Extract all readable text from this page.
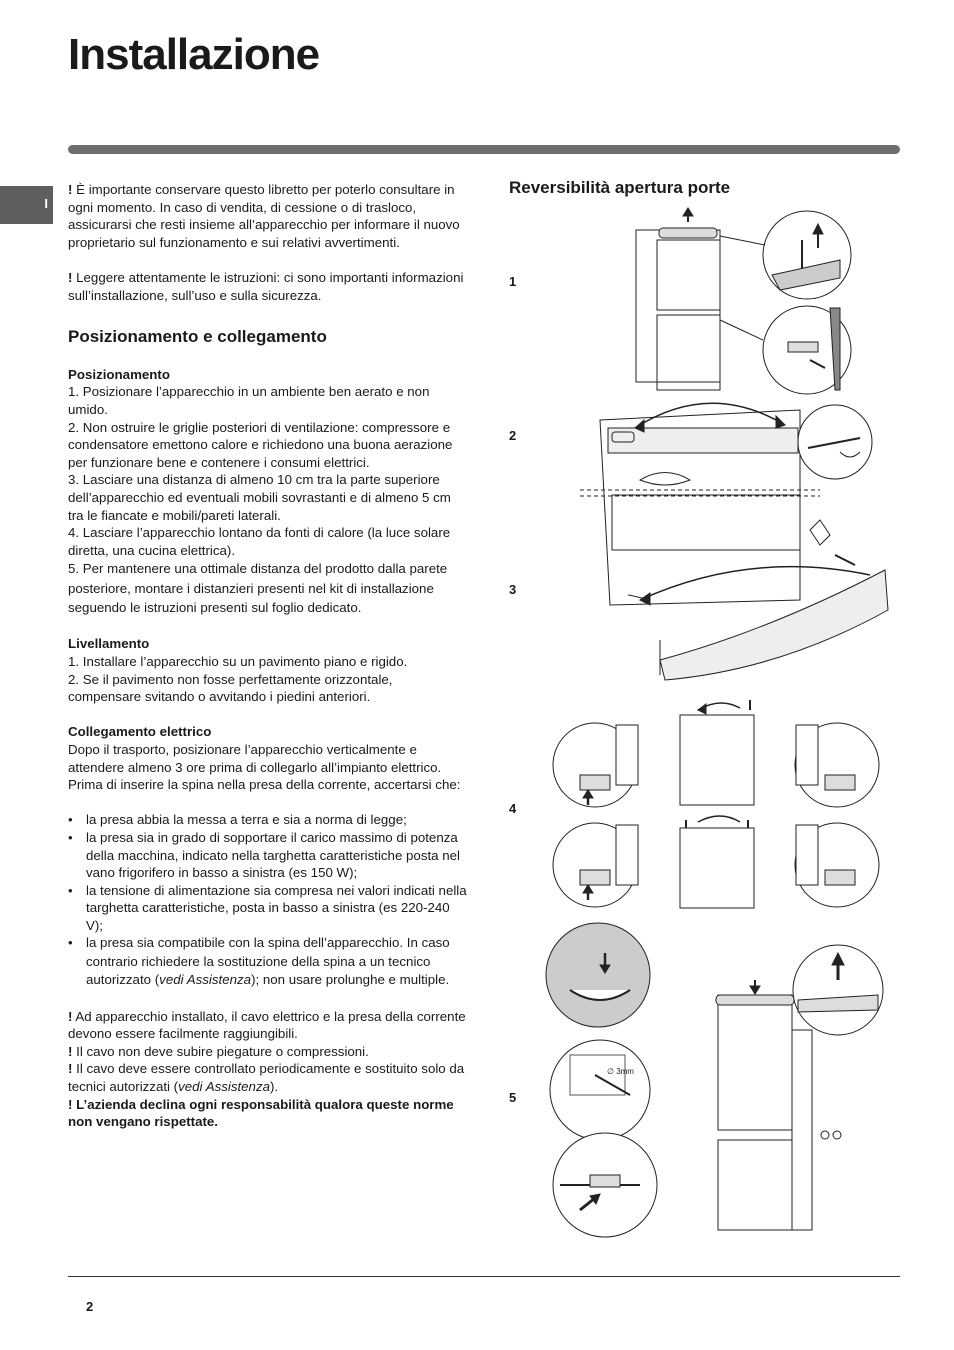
Installazione
I

! È importante conservare questo libretto per poterlo consultare in ogni momento. In caso di vendita, di cessione o di trasloco, assicurarsi che resti insieme all’apparecchio per informare il nuovo proprietario sul funzionamento e sui relativi avvertimenti.

! Leggere attentamente le istruzioni: ci sono importanti informazioni sull’installazione, sull’uso e sulla sicurezza.

Posizionamento e collegamento
Posizionamento

1. Posizionare l’apparecchio in un ambiente ben aerato e non umido.

2. Non ostruire le griglie posteriori di ventilazione: compressore e condensatore emettono calore e richiedono una buona aerazione per funzionare bene e contenere i consumi elettrici.

3. Lasciare una distanza di almeno 10 cm tra la parte superiore dell’apparecchio ed eventuali mobili sovrastanti e di almeno 5 cm tra le fiancate e mobili/pareti laterali.

4. Lasciare l’apparecchio lontano da fonti di calore (la luce solare diretta, una cucina elettrica).

5. Per mantenere una ottimale distanza del prodotto dalla parete posteriore, montare i distanzieri presenti nel kit di installazione seguendo le istruzioni presenti sul foglio dedicato.

Livellamento

1. Installare l’apparecchio su un pavimento piano e rigido.

2. Se il pavimento non fosse perfettamente orizzontale, compensare svitando o avvitando i piedini anteriori.

Collegamento elettrico

Dopo il trasporto, posizionare l’apparecchio verticalmente e attendere almeno 3 ore prima di collegarlo all’impianto elettrico. Prima di inserire la spina nella presa della corrente, accertarsi che:

• la presa abbia la messa a terra e sia a norma di legge;
• la presa sia in grado di sopportare il carico massimo di potenza della macchina, indicato nella targhetta caratteristiche posta nel vano frigorifero in basso a sinistra (es 150 W);
• la tensione di alimentazione sia compresa nei valori indicati nella targhetta caratteristiche, posta in basso a sinistra (es 220-240 V);
• la presa sia compatibile con la spina dell’apparecchio. In caso contrario richiedere la sostituzione della spina a un tecnico autorizzato (vedi Assistenza); non usare prolunghe e multiple.

! Ad apparecchio installato, il cavo elettrico e la presa della corrente devono essere facilmente raggiungibili.

! Il cavo non deve subire piegature o compressioni.

! Il cavo deve essere controllato periodicamente e sostituito solo da tecnici autorizzati (vedi Assistenza).

! L’azienda declina ogni responsabilità qualora queste norme non vengano rispettate.

Reversibilità apertura porte
1
2
3
4
5
∅ 3mm
2
